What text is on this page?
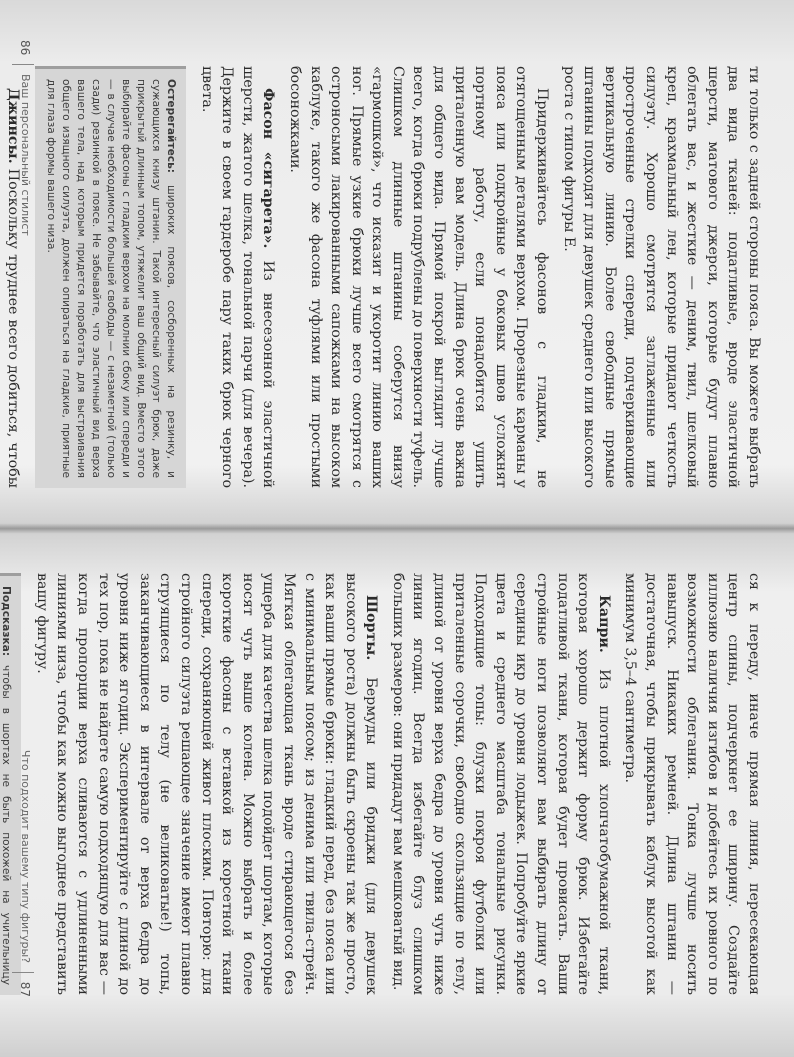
86
Ваш персональный стилист	ти только с задней стороны пояса. Вы можете выбрать два вида тканей: податливые, вроде эластичной шерсти, матового джерси, которые будут плавно облегать вас, и жесткие — деним, твил, шелковый креп, крахмальный лен, которые придают четкость силуэту. Хорошо смотрятся заглаженные или простроченные стрелки спереди, подчеркивающие вертикальную линию. Более свободные прямые штанины подходят для девушек среднего или высокого роста с типом фигуры Е.

Придерживайтесь фасонов с гладким, не отягощенным деталями верхом. Прорезные карманы у пояса или подкройные у боковых швов усложнят портному работу, если понадобится ушить приталенную вам модель. Длина брюк очень важна для общего вида. Прямой покрой выглядит лучше всего, когда брюки подрублены до поверхности туфель. Слишком длинные штанины соберутся внизу «гармошкой», что исказит и укоротит линию ваших ног. Прямые узкие брюки лучше всего смотрятся с остроносыми лакированными сапожками на высоком каблуке, такого же фасона туфлями или простыми босоножками.

Фасон «сигарета». Из внесезонной эластичной шерсти, жатого шелка, тональной парчи (для вечера). Держите в своем гардеробе пару таких брюк черного цвета.

Остерегайтесь: широких поясов, сосборенных на резинку, и сужающихся книзу штанин. Такой интересный силуэт брюк, даже прикрытый длинным топом, утяжелит ваш общий вид. Вместо этого выбирайте фасоны с гладким верхом на молнии сбоку или спереди и — в случае необходимости большей свободы — с незаметной (только сзади) резинкой в поясе. Не забывайте, что эластичный вид верха вашего тела, над которым придется поработать для выстраивания общего изящного силуэта, должен опираться на гладкие, приятные для глаза формы вашего низа.

Джинсы. Поскольку труднее всего добиться, чтобы

Что подходит вашему типу фигуры?
87	ся к переду, иначе прямая линия, пересекающая центр спины, подчеркнет ее ширину. Создайте иллюзию наличия изгибов и добейтесь их ровного по возможности облегания. Тонка лучше носить навыпуск. Никаких ремней. Длина штанин — достаточная, чтобы прикрывать каблук высотой как минимум 3,5–4 сантиметра.

Капри. Из плотной хлопчатобумажной ткани, которая хорошо держит форму брюк. Избегайте податливой ткани, которая будет провисать. Ваши стройные ноги позволяют вам выбирать длину от середины икр до уровня лодыжек. Попробуйте яркие цвета и среднего масштаба тональные рисунки. Подходящие топы: блузки покроя футболки или приталенные сорочки, свободно скользящие по телу, длиной от уровня верха бедра до уровня чуть ниже линии ягодиц. Всегда избегайте блуз слишком больших размеров: они придадут вам мешковатый вид.

Шорты. Бермуды или бриджи (для девушек высокого роста) должны быть скроены так же просто, как ваши прямые брюки: гладкий перед, без пояса или с минимальным поясом; из денима или твила-стрейч. Мягкая облегающая ткань вроде стирающегося без ущерба для качества шелка подойдет шортам, которые носят чуть выше колена. Можно выбрать и более короткие фасоны с вставкой из корсетной ткани спереди, сохраняющей живот плоским. Повторю: для стройного силуэта решающее значение имеют плавно струящиеся по телу (не великоватые!) топы, заканчивающиеся в интервале от верха бедра до уровня ниже ягодиц. Экспериментируйте с длиной до тех пор, пока не найдете самую подходящую для вас — когда пропорции верха сливаются с удлиненными линиями низа, чтобы как можно выгоднее представить вашу фигуру.

Подсказка: чтобы в шортах не быть похожей на учительницу
